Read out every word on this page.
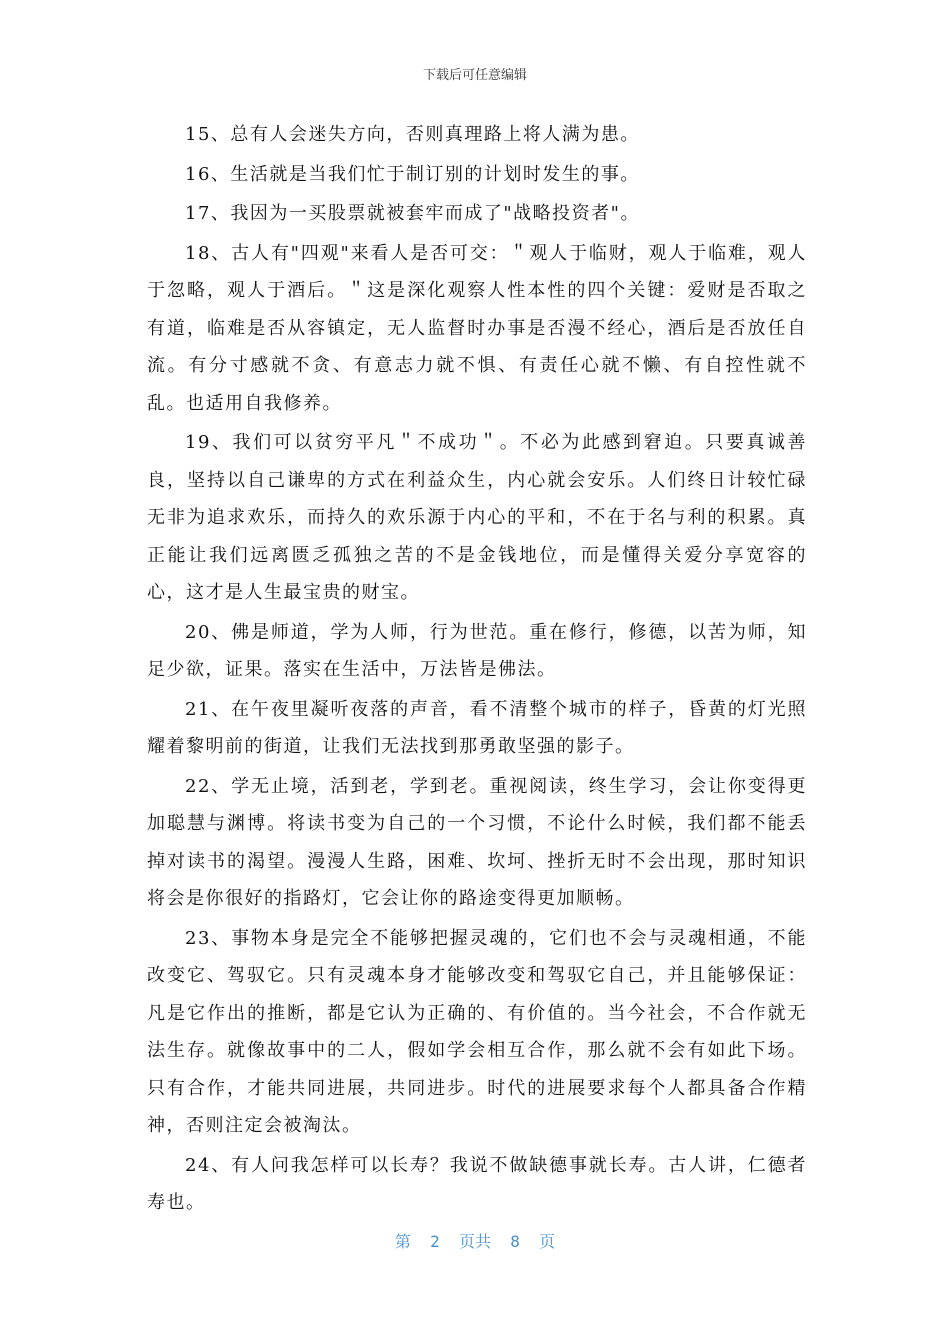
下载后可任意编辑

15、总有人会迷失方向，否则真理路上将人满为患。

16、生活就是当我们忙于制订别的计划时发生的事。

17、我因为一买股票就被套牢而成了"战略投资者"。

18、古人有"四观"来看人是否可交：＂观人于临财，观人于临难，观人于忽略，观人于酒后。＂这是深化观察人性本性的四个关键：爱财是否取之有道，临难是否从容镇定，无人监督时办事是否漫不经心，酒后是否放任自流。有分寸感就不贪、有意志力就不惧、有责任心就不懒、有自控性就不乱。也适用自我修养。

19、我们可以贫穷平凡＂不成功＂。不必为此感到窘迫。只要真诚善良，坚持以自己谦卑的方式在利益众生，内心就会安乐。人们终日计较忙碌无非为追求欢乐，而持久的欢乐源于内心的平和，不在于名与利的积累。真正能让我们远离匮乏孤独之苦的不是金钱地位，而是懂得关爱分享宽容的心，这才是人生最宝贵的财宝。

20、佛是师道，学为人师，行为世范。重在修行，修德，以苦为师，知足少欲，证果。落实在生活中，万法皆是佛法。

21、在午夜里凝听夜落的声音，看不清整个城市的样子，昏黄的灯光照耀着黎明前的街道，让我们无法找到那勇敢坚强的影子。

22、学无止境，活到老，学到老。重视阅读，终生学习，会让你变得更加聪慧与渊博。将读书变为自己的一个习惯，不论什么时候，我们都不能丢掉对读书的渴望。漫漫人生路，困难、坎坷、挫折无时不会出现，那时知识将会是你很好的指路灯，它会让你的路途变得更加顺畅。

23、事物本身是完全不能够把握灵魂的，它们也不会与灵魂相通，不能改变它、驾驭它。只有灵魂本身才能够改变和驾驭它自己，并且能够保证：凡是它作出的推断，都是它认为正确的、有价值的。当今社会，不合作就无法生存。就像故事中的二人，假如学会相互合作，那么就不会有如此下场。只有合作，才能共同进展，共同进步。时代的进展要求每个人都具备合作精神，否则注定会被淘汰。

24、有人问我怎样可以长寿？我说不做缺德事就长寿。古人讲，仁德者寿也。

第  2  页共  8  页
